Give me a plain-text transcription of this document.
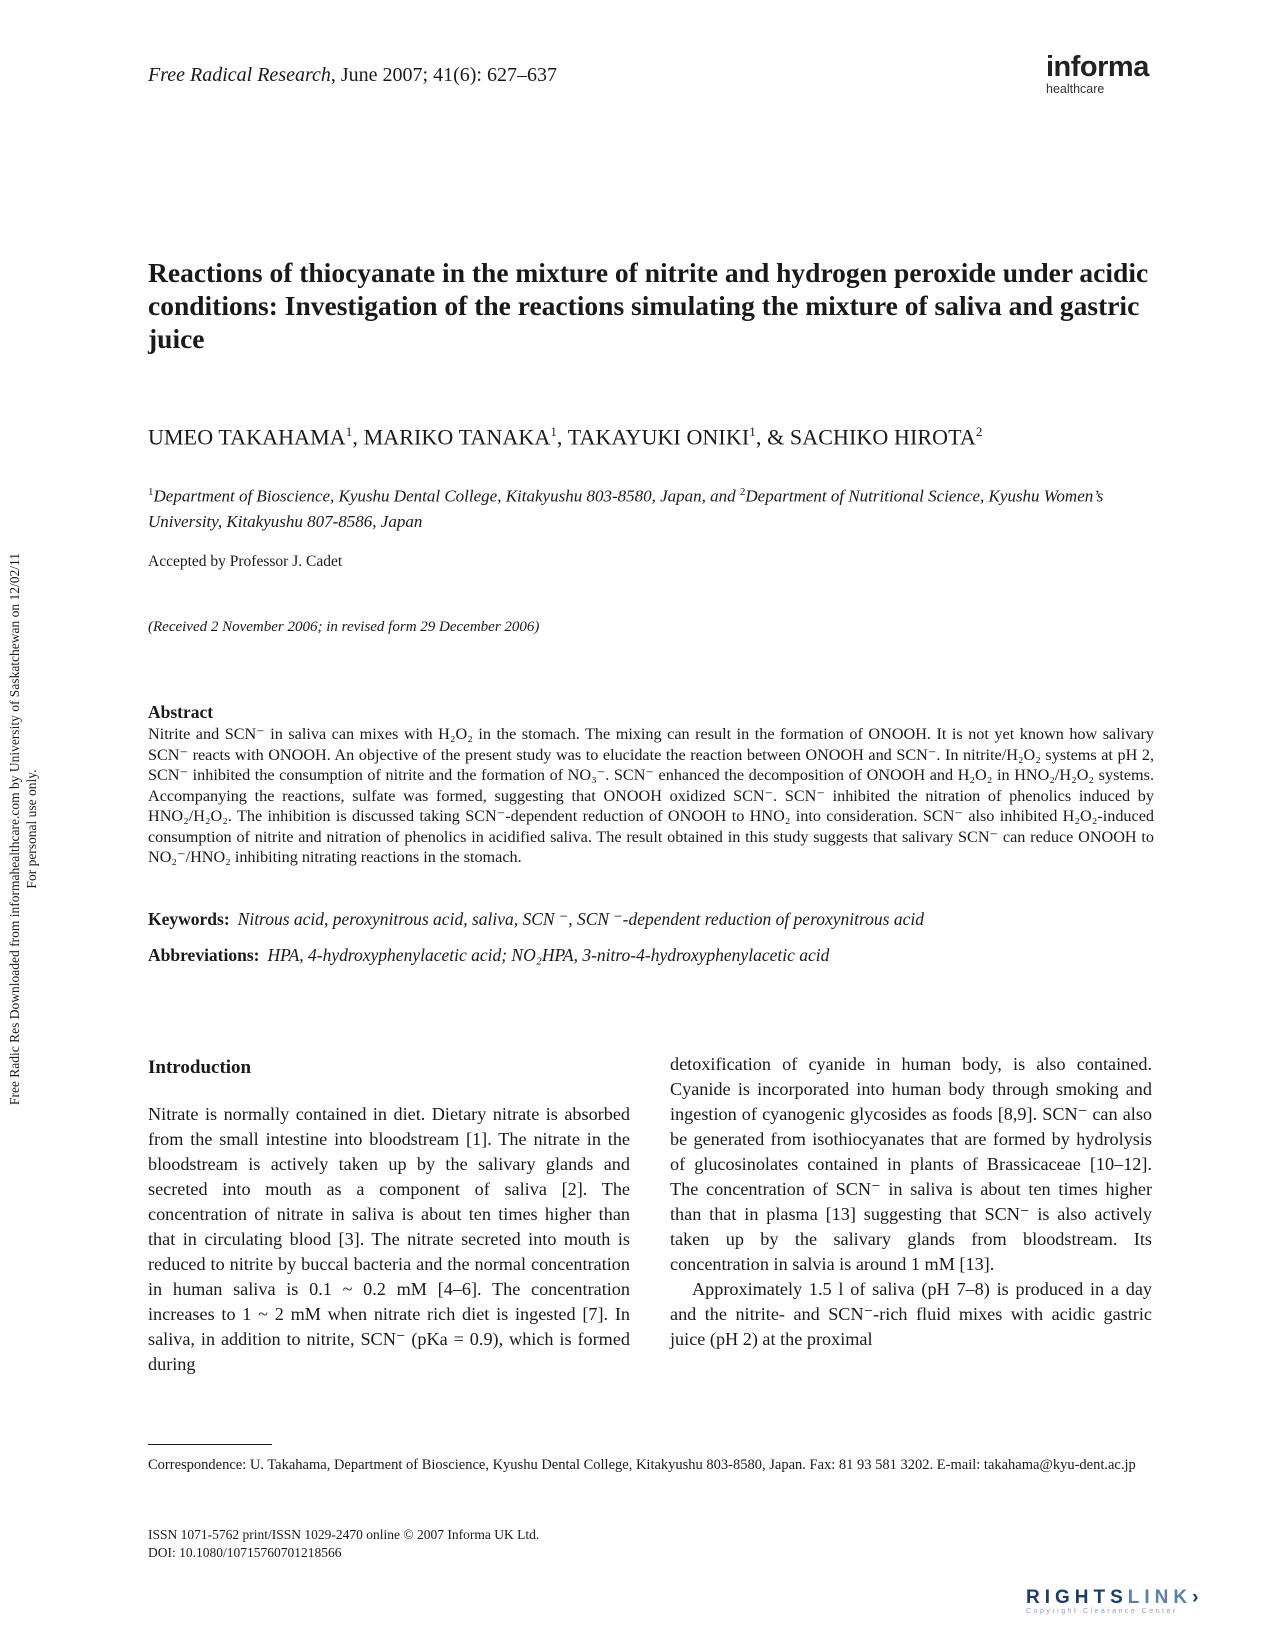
Free Radical Research, June 2007; 41(6): 627–637	informa
healthcare
Free Radic Res Downloaded from informahealthcare.com by University of Saskatchewan on 12/02/11 For personal use only.
Reactions of thiocyanate in the mixture of nitrite and hydrogen peroxide under acidic conditions: Investigation of the reactions simulating the mixture of saliva and gastric juice
UMEO TAKAHAMA$^1$, MARIKO TANAKA$^1$, TAKAYUKI ONIKI$^1$, & SACHIKO HIROTA$^2$
$^1$Department of Bioscience, Kyushu Dental College, Kitakyushu 803-8580, Japan, and $^2$Department of Nutritional Science, Kyushu Women’s University, Kitakyushu 807-8586, Japan
Accepted by Professor J. Cadet
(Received 2 November 2006; in revised form 29 December 2006)
Abstract
Nitrite and SCN⁻ in saliva can mixes with H₂O₂ in the stomach. The mixing can result in the formation of ONOOH. It is not yet known how salivary SCN⁻ reacts with ONOOH. An objective of the present study was to elucidate the reaction between ONOOH and SCN⁻. In nitrite/H₂O₂ systems at pH 2, SCN⁻ inhibited the consumption of nitrite and the formation of NO₃⁻. SCN⁻ enhanced the decomposition of ONOOH and H₂O₂ in HNO₂/H₂O₂ systems. Accompanying the reactions, sulfate was formed, suggesting that ONOOH oxidized SCN⁻. SCN⁻ inhibited the nitration of phenolics induced by HNO₂/H₂O₂. The inhibition is discussed taking SCN⁻-dependent reduction of ONOOH to HNO₂ into consideration. SCN⁻ also inhibited H₂O₂-induced consumption of nitrite and nitration of phenolics in acidified saliva. The result obtained in this study suggests that salivary SCN⁻ can reduce ONOOH to NO₂⁻/HNO₂ inhibiting nitrating reactions in the stomach.
Keywords: Nitrous acid, peroxynitrous acid, saliva, SCN ⁻, SCN ⁻-dependent reduction of peroxynitrous acid
Abbreviations: HPA, 4-hydroxyphenylacetic acid; NO₂HPA, 3-nitro-4-hydroxyphenylacetic acid
Introduction

Nitrate is normally contained in diet. Dietary nitrate is absorbed from the small intestine into bloodstream [1]. The nitrate in the bloodstream is actively taken up by the salivary glands and secreted into mouth as a component of saliva [2]. The concentration of nitrate in saliva is about ten times higher than that in circulating blood [3]. The nitrate secreted into mouth is reduced to nitrite by buccal bacteria and the normal concentration in human saliva is 0.1 ~ 0.2 mM [4–6]. The concentration increases to 1 ~ 2 mM when nitrate rich diet is ingested [7]. In saliva, in addition to nitrite, SCN⁻ (pKa = 0.9), which is formed during

detoxification of cyanide in human body, is also contained. Cyanide is incorporated into human body through smoking and ingestion of cyanogenic glycosides as foods [8,9]. SCN⁻ can also be generated from isothiocyanates that are formed by hydrolysis of glucosinolates contained in plants of Brassicaceae [10–12]. The concentration of SCN⁻ in saliva is about ten times higher than that in plasma [13] suggesting that SCN⁻ is also actively taken up by the salivary glands from bloodstream. Its concentration in salvia is around 1 mM [13].

Approximately 1.5 l of saliva (pH 7–8) is produced in a day and the nitrite- and SCN⁻-rich fluid mixes with acidic gastric juice (pH 2) at the proximal

Correspondence: U. Takahama, Department of Bioscience, Kyushu Dental College, Kitakyushu 803-8580, Japan. Fax: 81 93 581 3202. E-mail: takahama@kyu-dent.ac.jp
ISSN 1071-5762 print/ISSN 1029-2470 online © 2007 Informa UK Ltd.
DOI: 10.1080/10715760701218566
RIGHTSLINK›
Copyright Clearance Center
